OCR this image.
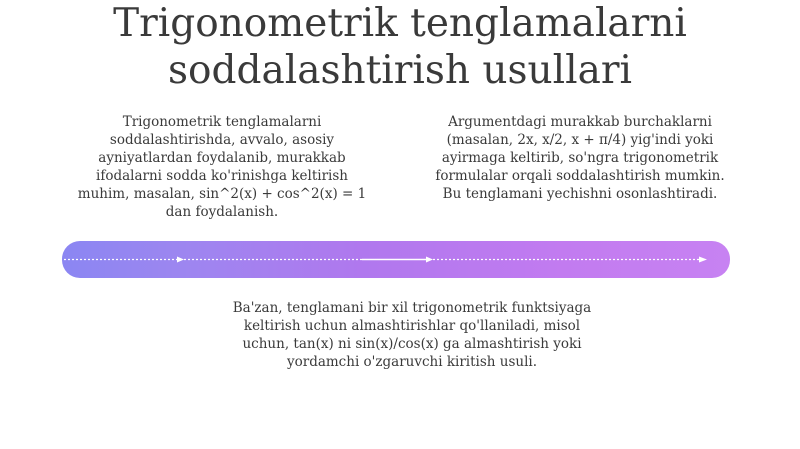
Trigonometrik tenglamalarni soddalashtirish usullari

Trigonometrik tenglamalarni soddalashtirishda, avvalo, asosiy ayniyatlardan foydalanib, murakkab ifodalarni sodda ko'rinishga keltirish muhim, masalan, sin^2(x) + cos^2(x) = 1 dan foydalanish.

Argumentdagi murakkab burchaklarni (masalan, 2x, x/2, x + π/4) yig'indi yoki ayirmaga keltirib, so'ngra trigonometrik formulalar orqali soddalashtirish mumkin. Bu tenglamani yechishni osonlashtiradi.

Ba'zan, tenglamani bir xil trigonometrik funktsiyaga keltirish uchun almashtirishlar qo'llaniladi, misol uchun, tan(x) ni sin(x)/cos(x) ga almashtirish yoki yordamchi o'zgaruvchi kiritish usuli.
